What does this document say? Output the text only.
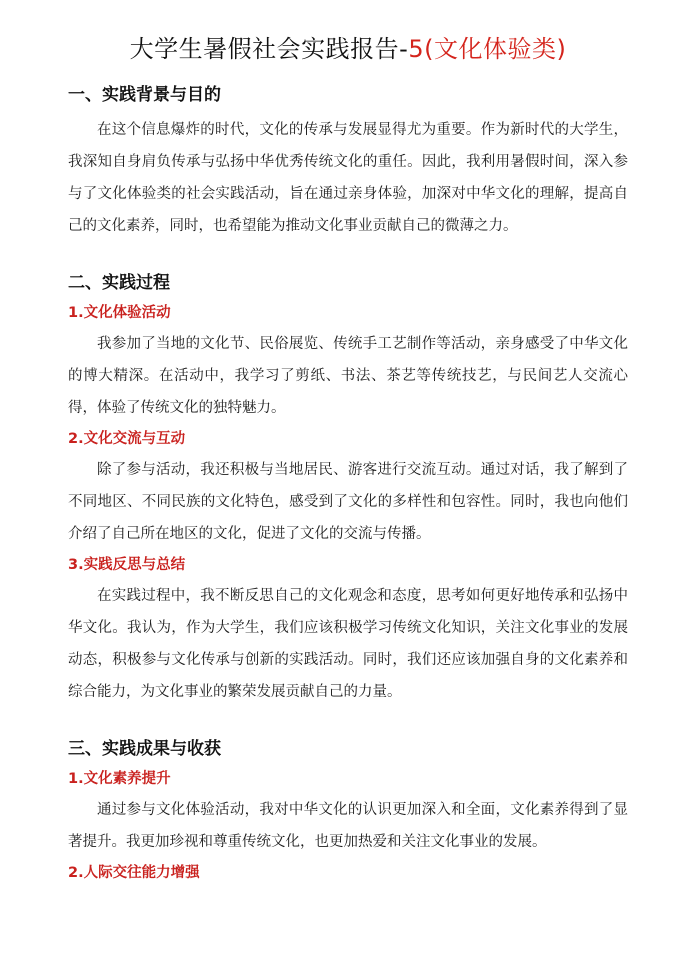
大学生暑假社会实践报告-5(文化体验类)
一、实践背景与目的

在这个信息爆炸的时代，文化的传承与发展显得尤为重要。作为新时代的大学生，我深知自身肩负传承与弘扬中华优秀传统文化的重任。因此，我利用暑假时间，深入参与了文化体验类的社会实践活动，旨在通过亲身体验，加深对中华文化的理解，提高自己的文化素养，同时，也希望能为推动文化事业贡献自己的微薄之力。

二、实践过程
1.文化体验活动

我参加了当地的文化节、民俗展览、传统手工艺制作等活动，亲身感受了中华文化的博大精深。在活动中，我学习了剪纸、书法、茶艺等传统技艺，与民间艺人交流心得，体验了传统文化的独特魅力。

2.文化交流与互动

除了参与活动，我还积极与当地居民、游客进行交流互动。通过对话，我了解到了不同地区、不同民族的文化特色，感受到了文化的多样性和包容性。同时，我也向他们介绍了自己所在地区的文化，促进了文化的交流与传播。

3.实践反思与总结

在实践过程中，我不断反思自己的文化观念和态度，思考如何更好地传承和弘扬中华文化。我认为，作为大学生，我们应该积极学习传统文化知识，关注文化事业的发展动态，积极参与文化传承与创新的实践活动。同时，我们还应该加强自身的文化素养和综合能力，为文化事业的繁荣发展贡献自己的力量。

三、实践成果与收获
1.文化素养提升

通过参与文化体验活动，我对中华文化的认识更加深入和全面，文化素养得到了显著提升。我更加珍视和尊重传统文化，也更加热爱和关注文化事业的发展。

2.人际交往能力增强
